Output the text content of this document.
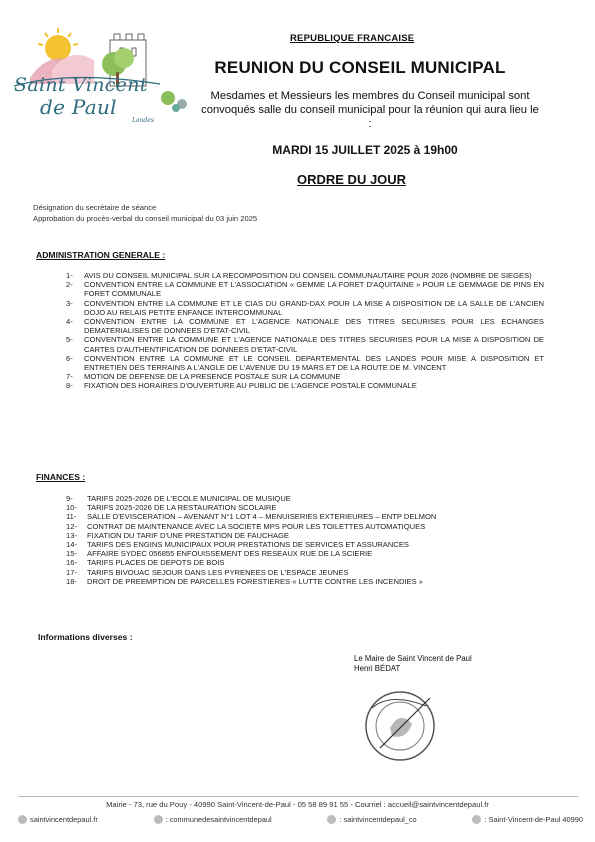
Saint Vincent
de Paul
Landes
REPUBLIQUE FRANCAISE
REUNION DU CONSEIL MUNICIPAL
Mesdames et Messieurs les membres du Conseil municipal sont convoqués salle du conseil municipal pour la réunion qui aura lieu le :
MARDI 15 JUILLET 2025 à 19h00
ORDRE DU JOUR
Désignation du secrétaire de séance
Approbation du procès-verbal du conseil municipal du 03 juin 2025
ADMINISTRATION GENERALE :
1-	AVIS DU CONSEIL MUNICIPAL SUR LA RECOMPOSITION DU CONSEIL COMMUNAUTAIRE POUR 2026 (NOMBRE DE SIEGES)
2-	CONVENTION ENTRE LA COMMUNE ET L'ASSOCIATION « GEMME LA FORET D'AQUITAINE » POUR LE GEMMAGE DE PINS EN FORET COMMUNALE
3-	CONVENTION ENTRE LA COMMUNE ET LE CIAS DU GRAND-DAX POUR LA MISE A DISPOSITION DE LA SALLE DE L'ANCIEN DOJO AU RELAIS PETITE ENFANCE INTERCOMMUNAL
4-	CONVENTION ENTRE LA COMMUNE ET L'AGENCE NATIONALE DES TITRES SECURISES POUR LES ECHANGES DEMATERIALISES DE DONNEES D'ETAT-CIVIL
5-	CONVENTION ENTRE LA COMMUNE ET L'AGENCE NATIONALE DES TITRES SECURISES POUR LA MISE A DISPOSITION DE CARTES D'AUTHENTIFICATION DE DONNEES D'ETAT-CIVIL
6-	CONVENTION ENTRE LA COMMUNE ET LE CONSEIL DEPARTEMENTAL DES LANDES POUR MISE A DISPOSITION ET ENTRETIEN DES TERRAINS A L'ANGLE DE L'AVENUE DU 19 MARS ET DE LA ROUTE DE M. VINCENT
7-	MOTION DE DEFENSE DE LA PRESENCE POSTALE SUR LA COMMUNE
8-	FIXATION DES HORAIRES D'OUVERTURE AU PUBLIC DE L'AGENCE POSTALE COMMUNALE
FINANCES :
9-	TARIFS 2025-2026 DE L'ECOLE MUNICIPAL DE MUSIQUE
10-	TARIFS 2025-2026 DE LA RESTAURATION SCOLAIRE
11-	SALLE D'EVISCERATION – AVENANT N°1 LOT 4 – MENUISERIES EXTERIEURES – ENTP DELMON
12-	CONTRAT DE MAINTENANCE AVEC LA SOCIETE MPS POUR LES TOILETTES AUTOMATIQUES
13-	FIXATION DU TARIF D'UNE PRESTATION DE FAUCHAGE
14-	TARIFS DES ENGINS MUNICIPAUX POUR PRESTATIONS DE SERVICES ET ASSURANCES
15-	AFFAIRE SYDEC 056855 ENFOUISSEMENT DES RESEAUX RUE DE LA SCIERIE
16-	TARIFS PLACES DE DEPOTS DE BOIS
17-	TARIFS BIVOUAC SEJOUR DANS LES PYRENEES DE L'ESPACE JEUNES
18-	DROIT DE PREEMPTION DE PARCELLES FORESTIERES « LUTTE CONTRE LES INCENDIES »
Informations diverses :
Le Maire de Saint Vincent de Paul
Henri BÉDAT
Mairie - 73, rue du Pouy - 40990 Saint-Vincent-de-Paul - 05 58 89 91 55 - Courriel : accueil@saintvincentdepaul.fr
saintvincentdepaul.fr	: communedesaintvincentdepaul	: saintvincentdepaul_co	: Saint-Vincent-de-Paul 40990
